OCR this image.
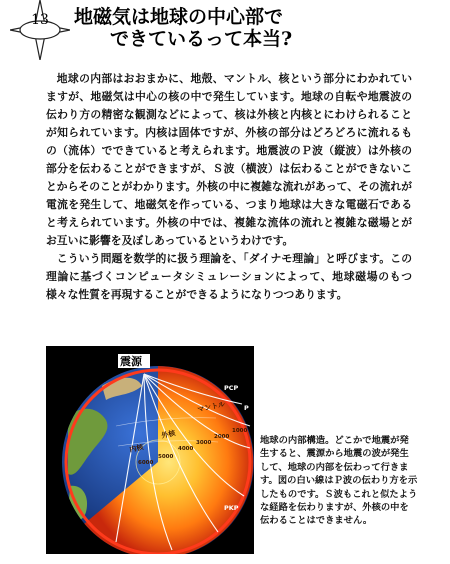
13	地磁気は地球の中心部で
できているって本当?

地球の内部はおおまかに、地殻、マントル、核という部分にわかれていますが、地磁気は中心の核の中で発生しています。地球の自転や地震波の伝わり方の精密な観測などによって、核は外核と内核とにわけられることが知られています。内核は固体ですが、外核の部分はどろどろに流れるもの（流体）でできていると考えられます。地震波のＰ波（縦波）は外核の部分を伝わることができますが、Ｓ波（横波）は伝わることができないことからそのことがわかります。外核の中に複雑な流れがあって、その流れが電流を発生して、地磁気を作っている、つまり地球は大きな電磁石であると考えられています。外核の中では、複雑な流体の流れと複雑な磁場とがお互いに影響を及ぼしあっているというわけです。

こういう問題を数学的に扱う理論を、「ダイナモ理論」と呼びます。この理論に基づくコンピュータシミュレーションによって、地球磁場のもつ様々な性質を再現することができるようになりつつあります。

震源
PCP
P
PKP
マントル
外核
内核
1000
2000
3000
4000
5000
6000
地球の内部構造。どこかで地震が発生すると、震源から地震の波が発生して、地球の内部を伝わって行きます。図の白い線はＰ波の伝わり方を示したものです。Ｓ波もこれと似たような経路を伝わりますが、外核の中を伝わることはできません。
